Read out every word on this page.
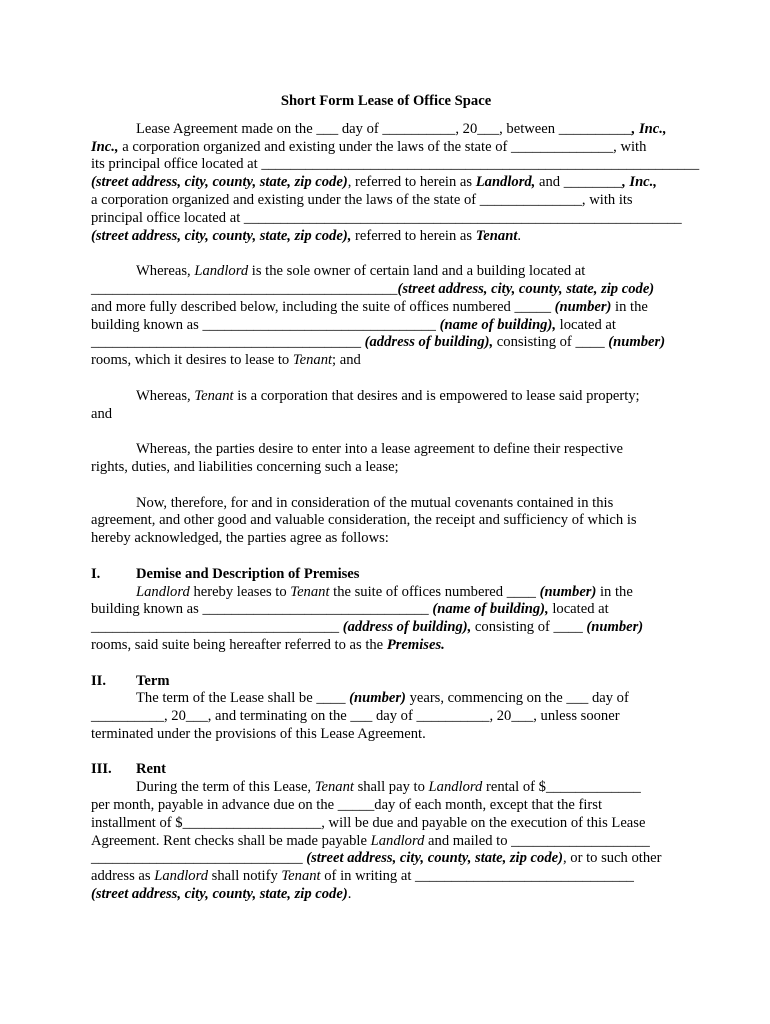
Short Form Lease of Office Space
Lease Agreement made on the ___ day of __________, 20___, between __________, Inc.,
Inc., a corporation organized and existing under the laws of the state of ______________, with
its principal office located at ____________________________________________________________
(street address, city, county, state, zip code), referred to herein as Landlord, and ________, Inc.,
a corporation organized and existing under the laws of the state of ______________, with its
principal office located at ____________________________________________________________
(street address, city, county, state, zip code), referred to herein as Tenant.
Whereas, Landlord is the sole owner of certain land and a building located at
__________________________________________(street address, city, county, state, zip code)
and more fully described below, including the suite of offices numbered _____ (number) in the
building known as ________________________________ (name of building), located at
_____________________________________ (address of building), consisting of ____ (number)
rooms, which it desires to lease to Tenant; and
Whereas, Tenant is a corporation that desires and is empowered to lease said property;
and
Whereas, the parties desire to enter into a lease agreement to define their respective
rights, duties, and liabilities concerning such a lease;
Now, therefore, for and in consideration of the mutual covenants contained in this
agreement, and other good and valuable consideration, the receipt and sufficiency of which is
hereby acknowledged, the parties agree as follows:
I. Demise and Description of Premises
Landlord hereby leases to Tenant the suite of offices numbered ____ (number) in the
building known as _______________________________ (name of building), located at
__________________________________ (address of building), consisting of ____ (number)
rooms, said suite being hereafter referred to as the Premises.
II. Term
The term of the Lease shall be ____ (number) years, commencing on the ___ day of
__________, 20___, and terminating on the ___ day of __________, 20___, unless sooner
terminated under the provisions of this Lease Agreement.
III. Rent
During the term of this Lease, Tenant shall pay to Landlord rental of $_____________
per month, payable in advance due on the _____day of each month, except that the first
installment of $___________________, will be due and payable on the execution of this Lease
Agreement. Rent checks shall be made payable Landlord and mailed to ___________________
_____________________________ (street address, city, county, state, zip code), or to such other
address as Landlord shall notify Tenant of in writing at ______________________________
(street address, city, county, state, zip code).
